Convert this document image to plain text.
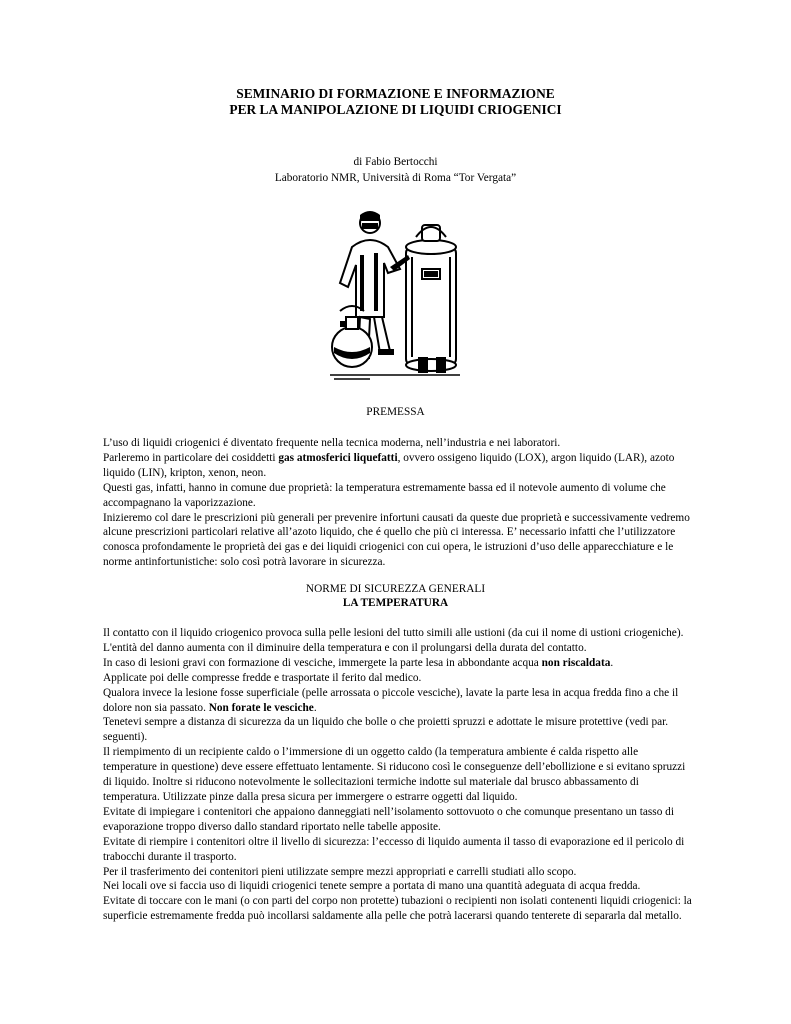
SEMINARIO DI FORMAZIONE E INFORMAZIONE
PER LA MANIPOLAZIONE DI LIQUIDI CRIOGENICI
di Fabio Bertocchi
Laboratorio NMR, Università di Roma “Tor Vergata”
PREMESSA

L’uso di liquidi criogenici é diventato frequente nella tecnica moderna, nell’industria e nei laboratori.

Parleremo in particolare dei cosiddetti gas atmosferici liquefatti, ovvero ossigeno liquido (LOX), argon liquido (LAR), azoto liquido (LIN), kripton, xenon, neon.

Questi gas, infatti, hanno in comune due proprietà: la temperatura estremamente bassa ed il notevole aumento di volume che accompagnano la vaporizzazione.

Inizieremo col dare le prescrizioni più generali per prevenire infortuni causati da queste due proprietà e successivamente vedremo alcune prescrizioni particolari relative all’azoto liquido, che é quello che più ci interessa. E’ necessario infatti che l’utilizzatore conosca profondamente le proprietà dei gas e dei liquidi criogenici con cui opera, le istruzioni d’uso delle apparecchiature e le norme antinfortunistiche: solo così potrà lavorare in sicurezza.

NORME DI SICUREZZA GENERALI
LA TEMPERATURA

Il contatto con il liquido criogenico provoca sulla pelle lesioni del tutto simili alle ustioni (da cui il nome di ustioni criogeniche).

L'entità del danno aumenta con il diminuire della temperatura e con il prolungarsi della durata del contatto.

In caso di lesioni gravi con formazione di vesciche, immergete la parte lesa in abbondante acqua non riscaldata.

Applicate poi delle compresse fredde e trasportate il ferito dal medico.

Qualora invece la lesione fosse superficiale (pelle arrossata o piccole vesciche), lavate la parte lesa in acqua fredda fino a che il dolore non sia passato. Non forate le vesciche.

Tenetevi sempre a distanza di sicurezza da un liquido che bolle o che proietti spruzzi e adottate le misure protettive (vedi par. seguenti).

Il riempimento di un recipiente caldo o l’immersione di un oggetto caldo (la temperatura ambiente é calda rispetto alle temperature in questione) deve essere effettuato lentamente. Si riducono così le conseguenze dell’ebollizione e si evitano spruzzi di liquido. Inoltre si riducono notevolmente le sollecitazioni termiche indotte sul materiale dal brusco abbassamento di temperatura. Utilizzate pinze dalla presa sicura per immergere o estrarre oggetti dal liquido.

Evitate di impiegare i contenitori che appaiono danneggiati nell’isolamento sottovuoto o che comunque presentano un tasso di evaporazione troppo diverso dallo standard riportato nelle tabelle apposite.

Evitate di riempire i contenitori oltre il livello di sicurezza: l’eccesso di liquido aumenta il tasso di evaporazione ed il pericolo di trabocchi durante il trasporto.

Per il trasferimento dei contenitori pieni utilizzate sempre mezzi appropriati e carrelli studiati allo scopo.

Nei locali ove si faccia uso di liquidi criogenici tenete sempre a portata di mano una quantità adeguata di acqua fredda.

Evitate di toccare con le mani (o con parti del corpo non protette) tubazioni o recipienti non isolati contenenti liquidi criogenici: la superficie estremamente fredda può incollarsi saldamente alla pelle che potrà lacerarsi quando tenterete di separarla dal metallo.
